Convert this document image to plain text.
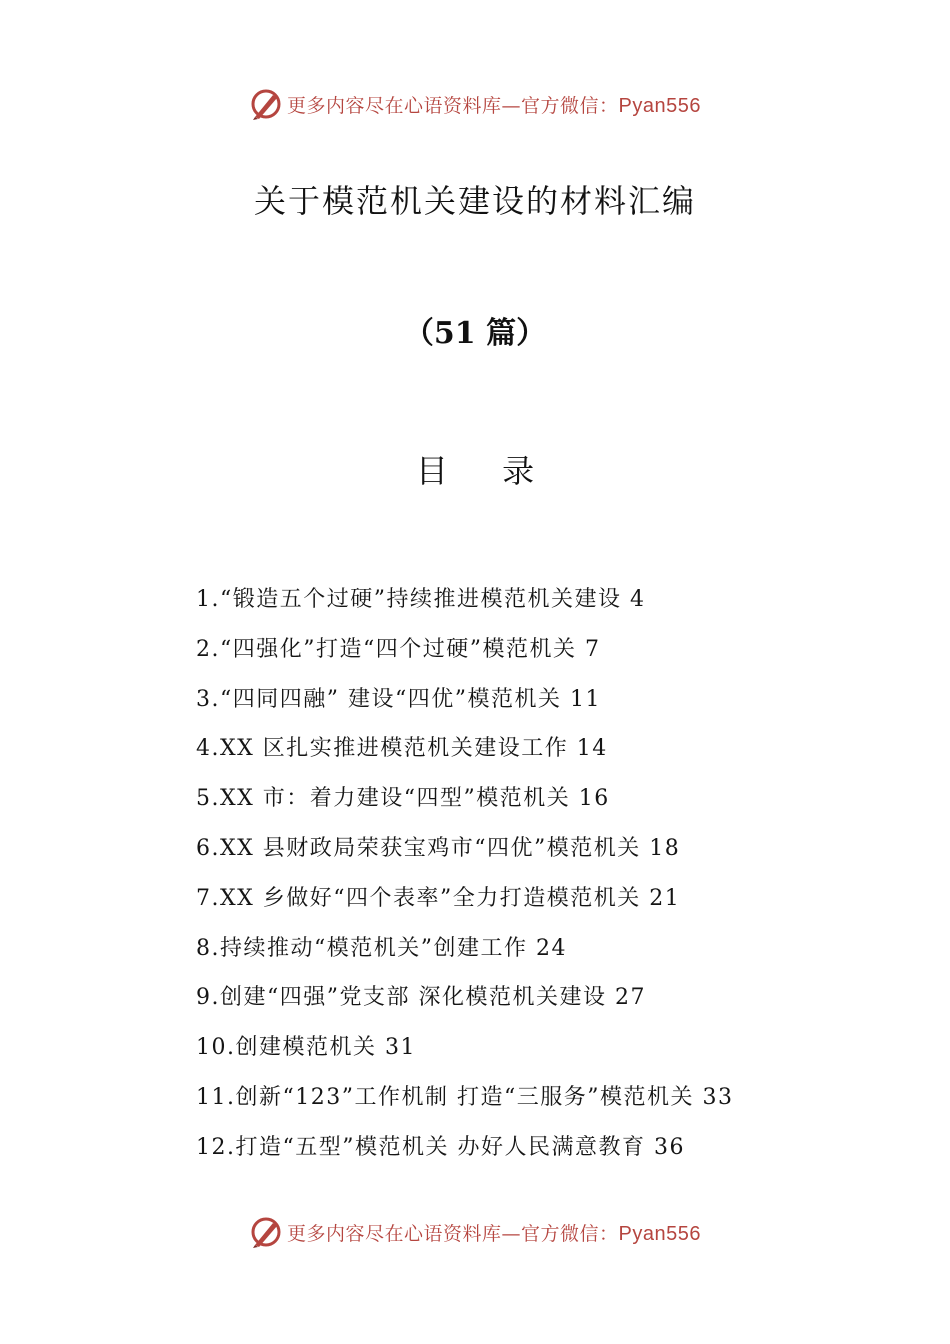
更多内容尽在心语资料库—官方微信：Pyan556
关于模范机关建设的材料汇编
（51 篇）
目 录
1.“锻造五个过硬”持续推进模范机关建设 4
2.“四强化”打造“四个过硬”模范机关 7
3.“四同四融” 建设“四优”模范机关 11
4.XX 区扎实推进模范机关建设工作 14
5.XX 市：着力建设“四型”模范机关 16
6.XX 县财政局荣获宝鸡市“四优”模范机关 18
7.XX 乡做好“四个表率”全力打造模范机关 21
8.持续推动“模范机关”创建工作 24
9.创建“四强”党支部 深化模范机关建设 27
10.创建模范机关 31
11.创新“123”工作机制 打造“三服务”模范机关 33
12.打造“五型”模范机关 办好人民满意教育 36
更多内容尽在心语资料库—官方微信：Pyan556
